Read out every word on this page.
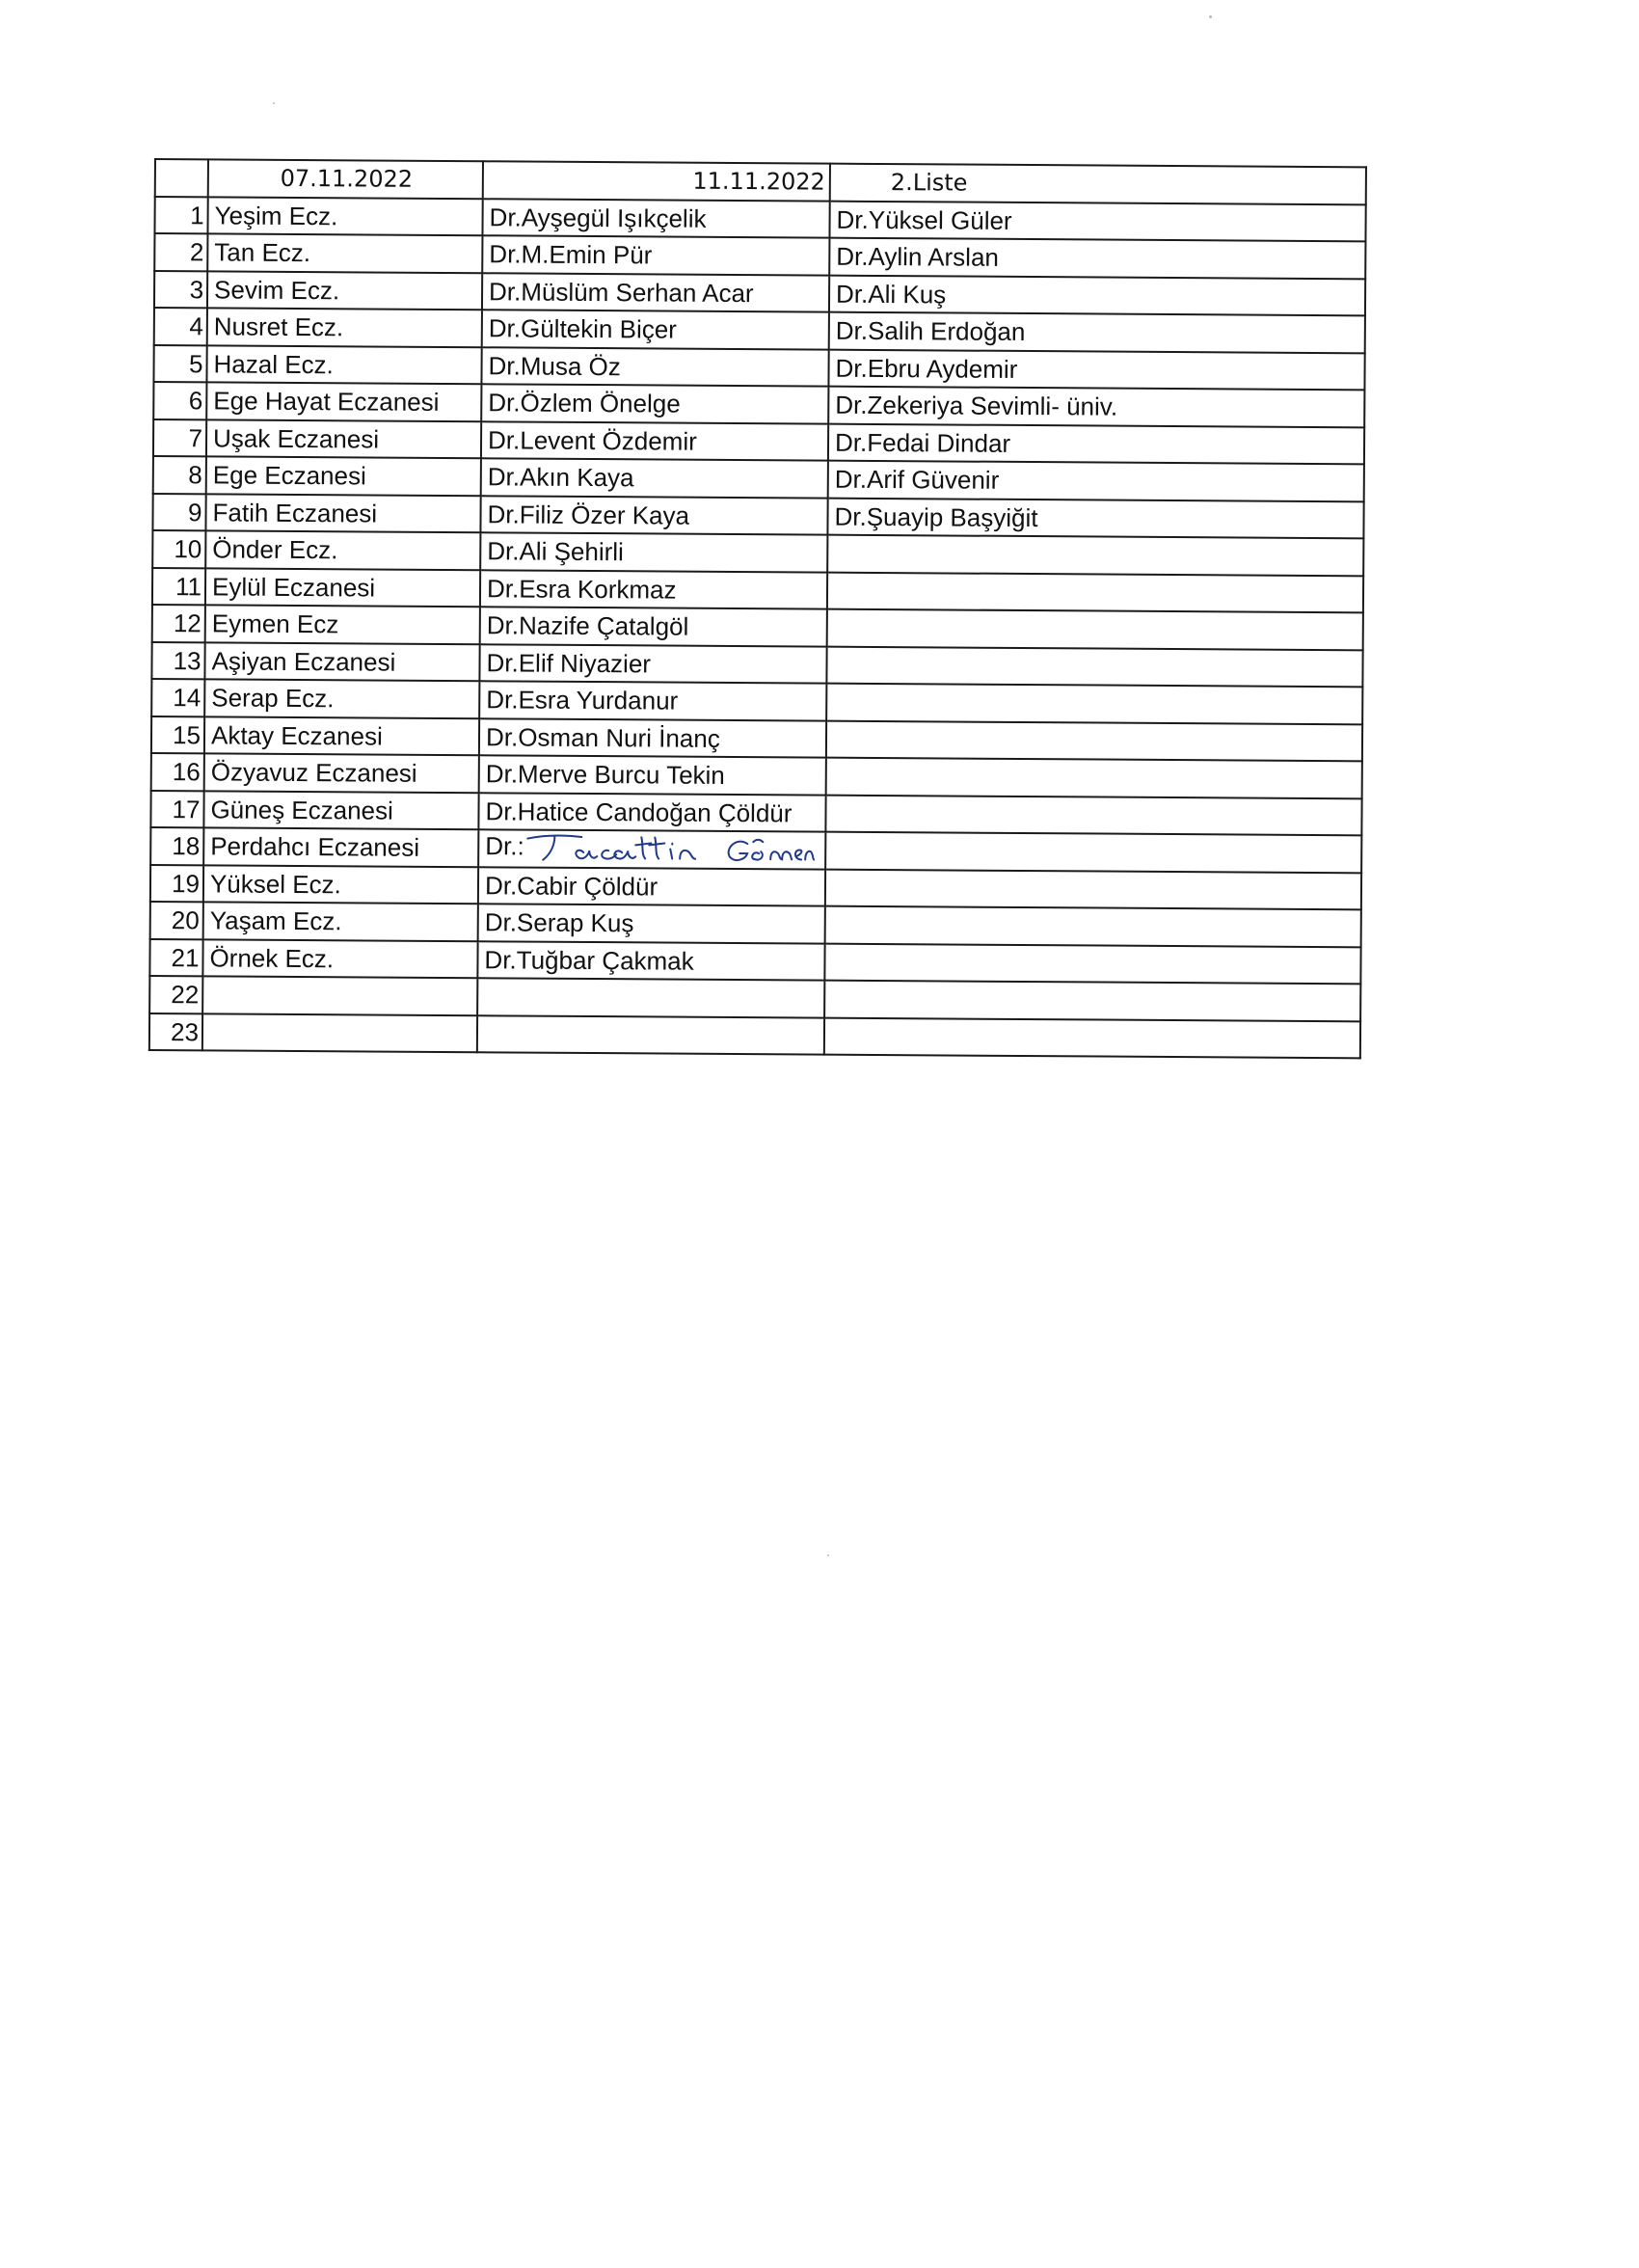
	07.11.2022	11.11.2022	2.Liste
1	Yeşim Ecz.	Dr.Ayşegül Işıkçelik	Dr.Yüksel Güler
2	Tan Ecz.	Dr.M.Emin Pür	Dr.Aylin Arslan
3	Sevim Ecz.	Dr.Müslüm Serhan Acar	Dr.Ali Kuş
4	Nusret Ecz.	Dr.Gültekin Biçer	Dr.Salih Erdoğan
5	Hazal Ecz.	Dr.Musa Öz	Dr.Ebru Aydemir
6	Ege Hayat Eczanesi	Dr.Özlem Önelge	Dr.Zekeriya Sevimli- üniv.
7	Uşak Eczanesi	Dr.Levent Özdemir	Dr.Fedai Dindar
8	Ege Eczanesi	Dr.Akın Kaya	Dr.Arif Güvenir
9	Fatih Eczanesi	Dr.Filiz Özer Kaya	Dr.Şuayip Başyiğit
10	Önder Ecz.	Dr.Ali Şehirli	
11	Eylül Eczanesi	Dr.Esra Korkmaz	
12	Eymen Ecz	Dr.Nazife Çatalgöl	
13	Aşiyan Eczanesi	Dr.Elif Niyazier	
14	Serap Ecz.	Dr.Esra Yurdanur	
15	Aktay Eczanesi	Dr.Osman Nuri İnanç	
16	Özyavuz Eczanesi	Dr.Merve Burcu Tekin	
17	Güneş Eczanesi	Dr.Hatice Candoğan Çöldür	
18	Perdahcı Eczanesi	Dr.:	
19	Yüksel Ecz.	Dr.Cabir Çöldür	
20	Yaşam Ecz.	Dr.Serap Kuş	
21	Örnek Ecz.	Dr.Tuğbar Çakmak	
22			
23			
